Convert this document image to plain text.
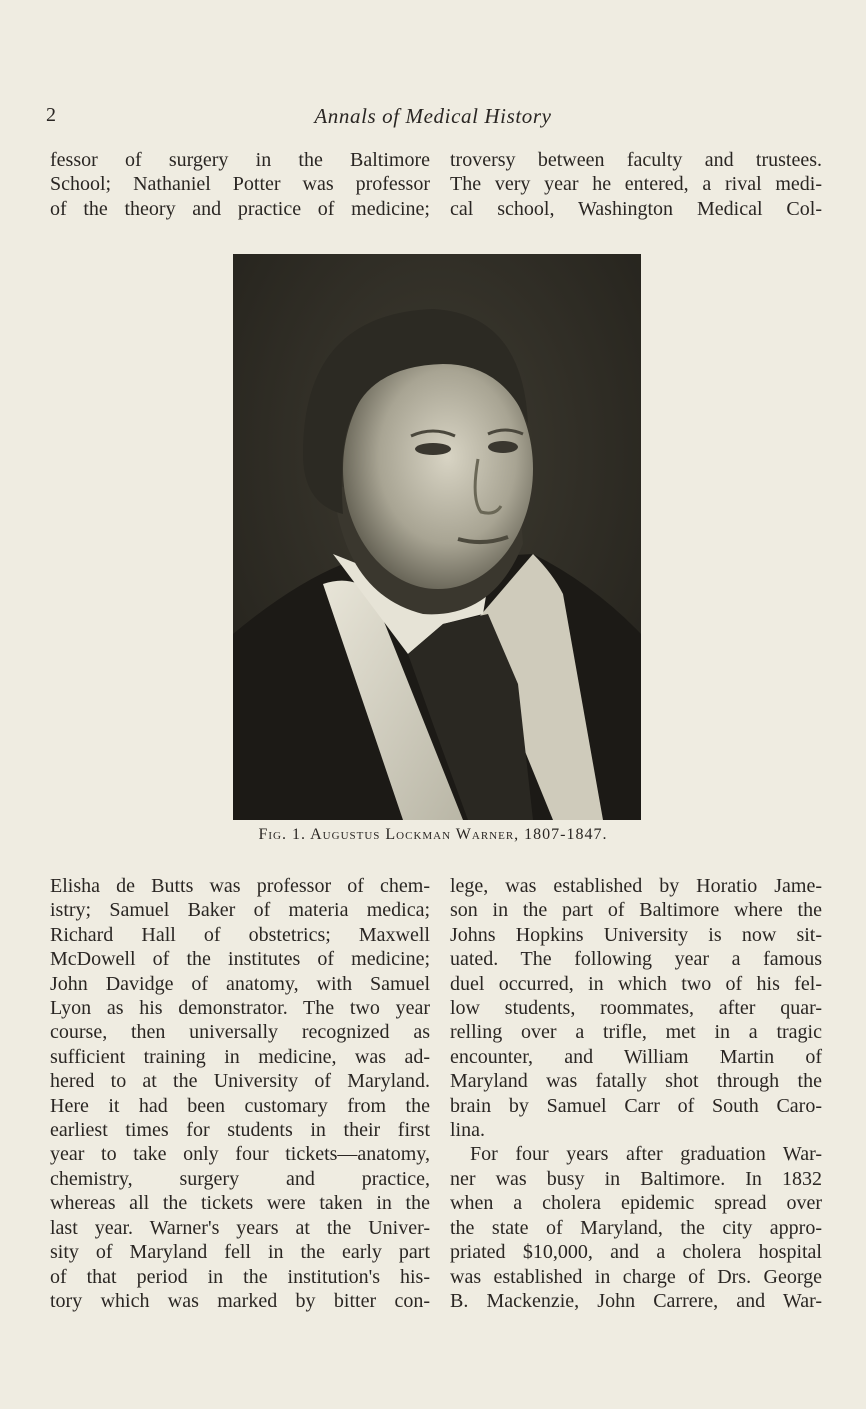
2	Annals of Medical History
fessor of surgery in the Baltimore
School; Nathaniel Potter was professor
of the theory and practice of medicine;
troversy between faculty and trustees.
The very year he entered, a rival medi-
cal school, Washington Medical Col-
Fig. 1. Augustus Lockman Warner, 1807-1847.
Elisha de Butts was professor of chem-
istry; Samuel Baker of materia medica;
Richard Hall of obstetrics; Maxwell
McDowell of the institutes of medicine;
John Davidge of anatomy, with Samuel
Lyon as his demonstrator. The two year
course, then universally recognized as
sufficient training in medicine, was ad-
hered to at the University of Maryland.
Here it had been customary from the
earliest times for students in their first
year to take only four tickets—anatomy,
chemistry, surgery and practice,
whereas all the tickets were taken in the
last year. Warner's years at the Univer-
sity of Maryland fell in the early part
of that period in the institution's his-
tory which was marked by bitter con-
lege, was established by Horatio Jame-
son in the part of Baltimore where the
Johns Hopkins University is now sit-
uated. The following year a famous
duel occurred, in which two of his fel-
low students, roommates, after quar-
relling over a trifle, met in a tragic
encounter, and William Martin of
Maryland was fatally shot through the
brain by Samuel Carr of South Caro-
lina.
For four years after graduation War-
ner was busy in Baltimore. In 1832
when a cholera epidemic spread over
the state of Maryland, the city appro-
priated $10,000, and a cholera hospital
was established in charge of Drs. George
B. Mackenzie, John Carrere, and War-
